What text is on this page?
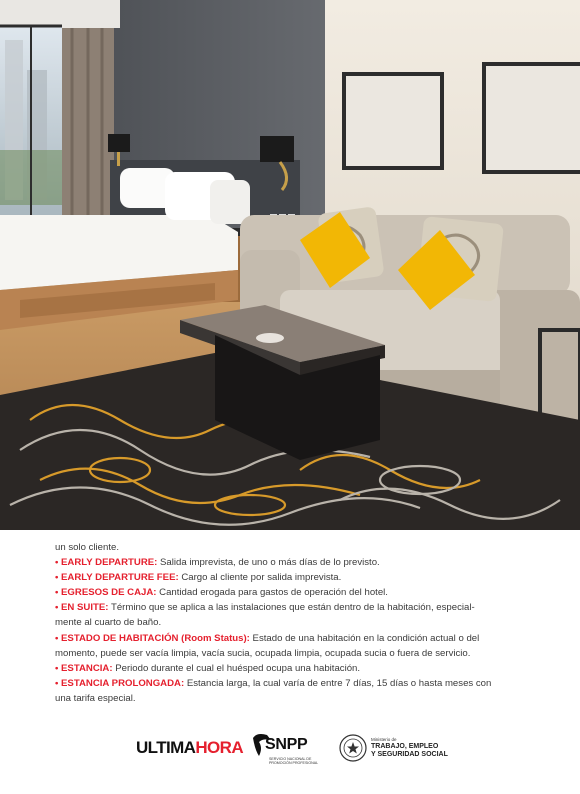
un solo cliente.

• EARLY DEPARTURE: Salida imprevista, de uno o más días de lo previsto.

• EARLY DEPARTURE FEE: Cargo al cliente por salida imprevista.

• EGRESOS DE CAJA: Cantidad erogada para gastos de operación del hotel.

• EN SUITE: Término que se aplica a las instalaciones que están dentro de la habitación, especial-
mente al cuarto de baño.

• ESTADO DE HABITACIÓN (Room Status): Estado de una habitación en la condición actual o del
momento, puede ser vacía limpia, vacía sucia, ocupada limpia, ocupada sucia o fuera de servicio.

• ESTANCIA: Periodo durante el cual el huésped ocupa una habitación.

• ESTANCIA PROLONGADA: Estancia larga, la cual varía de entre 7 días, 15 días o hasta meses con
una tarifa especial.

ULTIMAHORA SNPP
SERVICIO NACIONAL DE PROMOCIÓN PROFESIONAL
Ministerio de
TRABAJO, EMPLEO
Y SEGURIDAD SOCIAL
